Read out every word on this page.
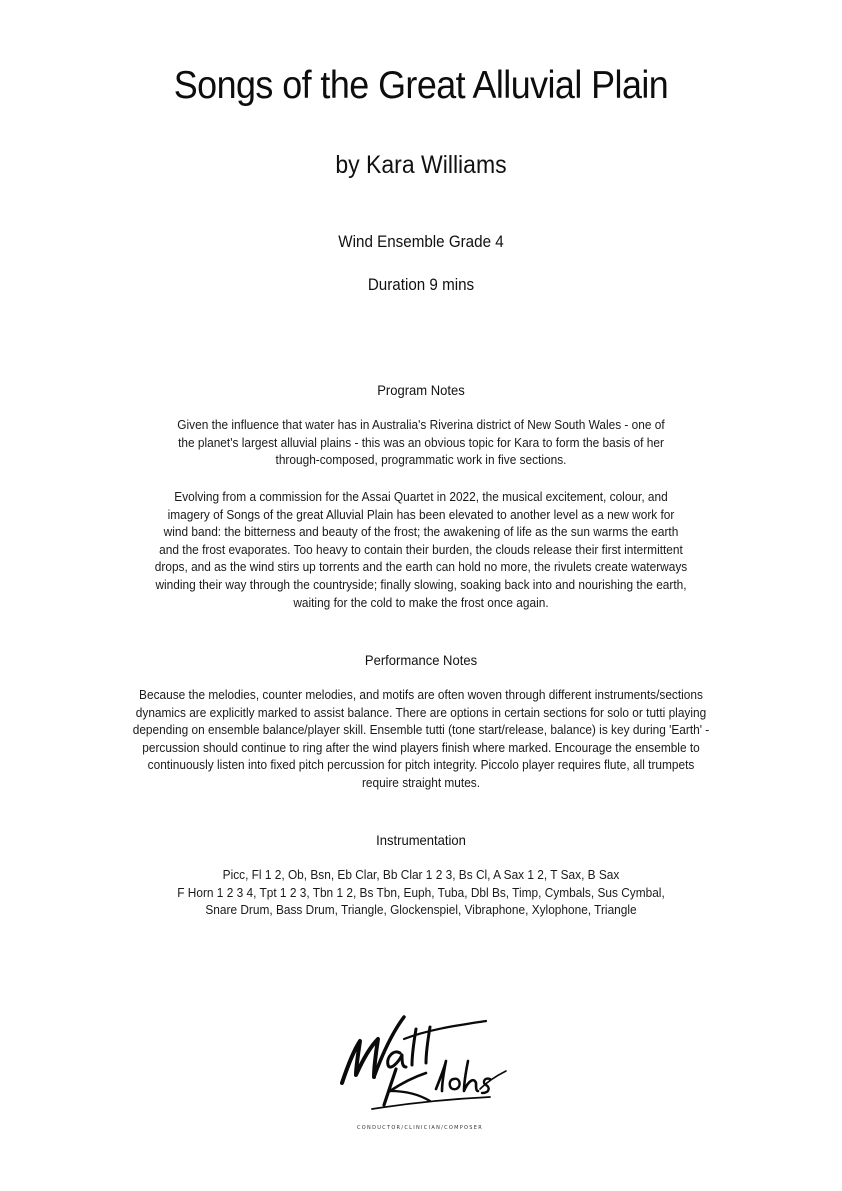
Songs of the Great Alluvial Plain
by Kara Williams
Wind Ensemble Grade 4
Duration 9 mins
Program Notes

Given the influence that water has in Australia's Riverina district of New South Wales - one of

the planet's largest alluvial plains - this was an obvious topic for Kara to form the basis of her

through-composed, programmatic work in five sections.

Evolving from a commission for the Assai Quartet in 2022, the musical excitement, colour, and

imagery of Songs of the great Alluvial Plain has been elevated to another level as a new work for

wind band: the bitterness and beauty of the frost; the awakening of life as the sun warms the earth

and the frost evaporates. Too heavy to contain their burden, the clouds release their first intermittent

drops, and as the wind stirs up torrents and the earth can hold no more, the rivulets create waterways

winding their way through the countryside; finally slowing, soaking back into and nourishing the earth,

waiting for the cold to make the frost once again.

Performance Notes

Because the melodies, counter melodies, and motifs are often woven through different instruments/sections

dynamics are explicitly marked to assist balance. There are options in certain sections for solo or tutti playing

depending on ensemble balance/player skill. Ensemble tutti (tone start/release, balance) is key during 'Earth' -

percussion should continue to ring after the wind players finish where marked. Encourage the ensemble to

continuously listen into fixed pitch percussion for pitch integrity. Piccolo player requires flute, all trumpets

require straight mutes.

Instrumentation

Picc, Fl 1 2, Ob, Bsn, Eb Clar, Bb Clar 1 2 3, Bs Cl, A Sax 1 2, T Sax, B Sax

F Horn 1 2 3 4, Tpt 1 2 3, Tbn 1 2, Bs Tbn, Euph, Tuba, Dbl Bs, Timp, Cymbals, Sus Cymbal,

Snare Drum, Bass Drum, Triangle, Glockenspiel, Vibraphone, Xylophone, Triangle

CONDUCTOR/CLINICIAN/COMPOSER
